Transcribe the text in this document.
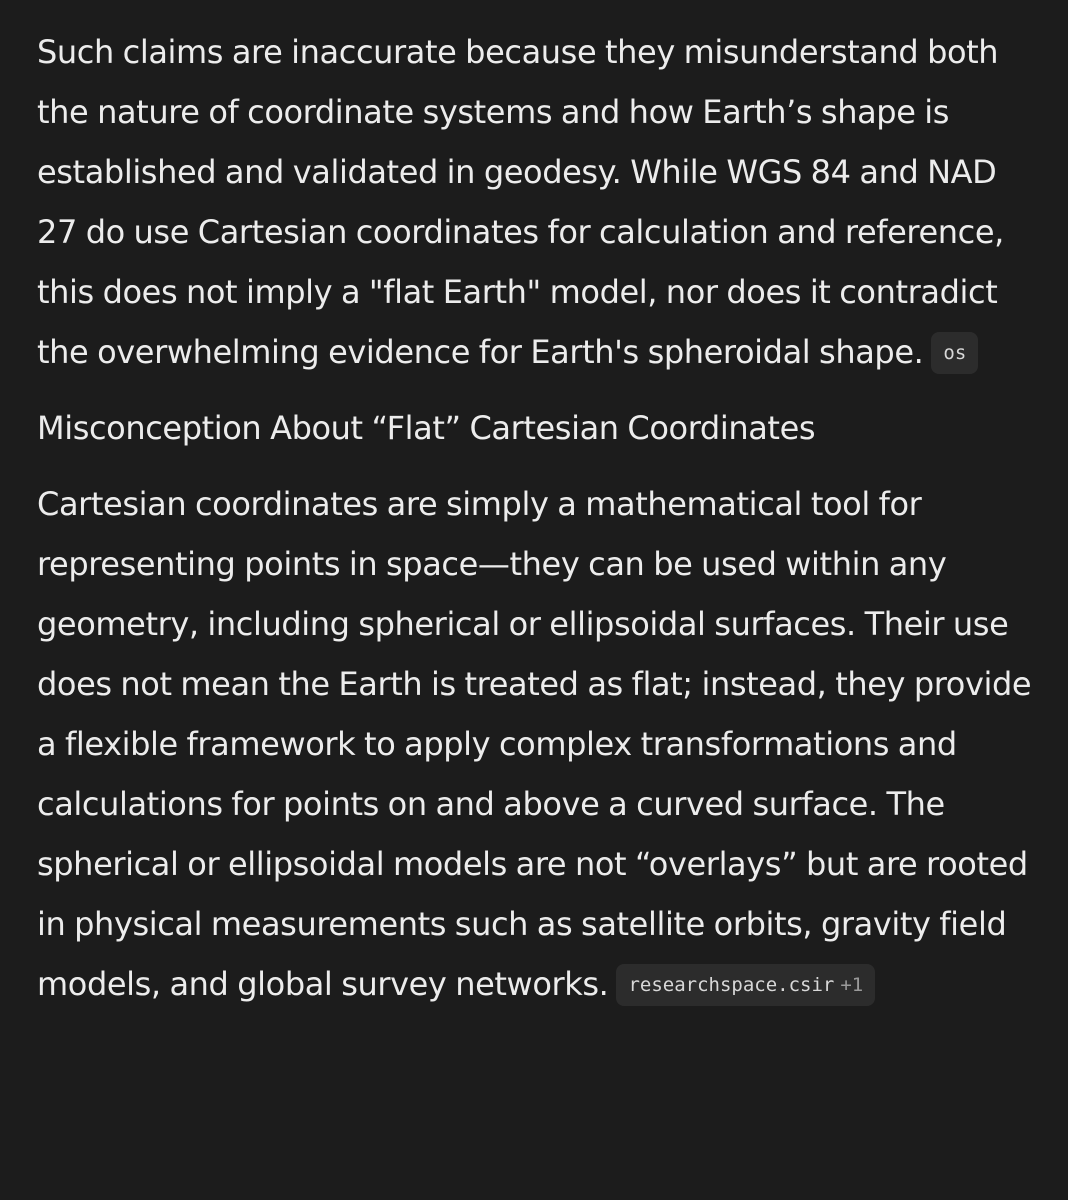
Such claims are inaccurate because they misunderstand both the nature of coordinate systems and how Earth’s shape is established and validated in geodesy. While WGS 84 and NAD 27 do use Cartesian coordinates for calculation and reference, this does not imply a "flat Earth" model, nor does it contradict the overwhelming evidence for Earth's spheroidal shape. os

Misconception About “Flat” Cartesian Coordinates

Cartesian coordinates are simply a mathematical tool for representing points in space—they can be used within any geometry, including spherical or ellipsoidal surfaces. Their use does not mean the Earth is treated as flat; instead, they provide a flexible framework to apply complex transformations and calculations for points on and above a curved surface. The spherical or ellipsoidal models are not “overlays” but are rooted in physical measurements such as satellite orbits, gravity field models, and global survey networks. researchspace.csir +1
